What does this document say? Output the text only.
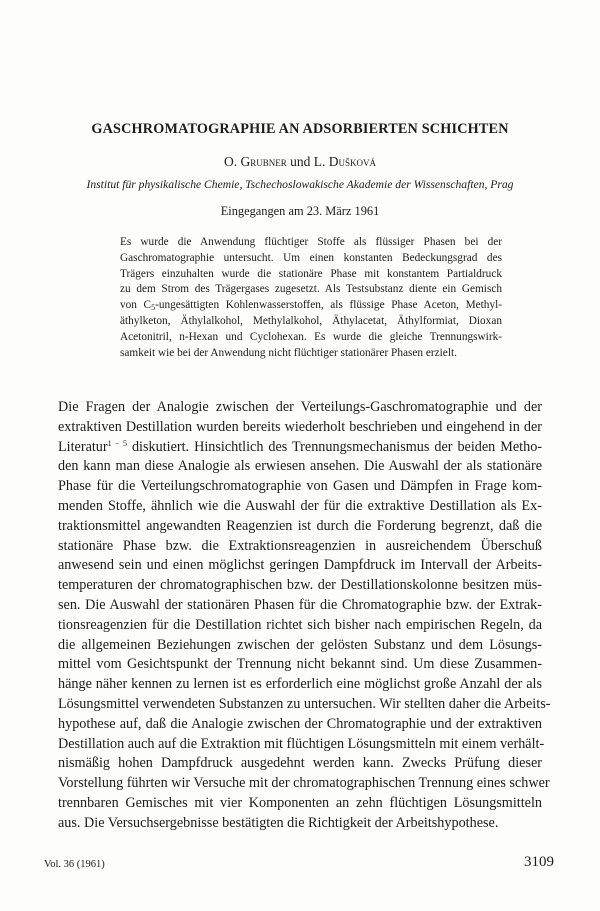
GASCHROMATOGRAPHIE AN ADSORBIERTEN SCHICHTEN
O. Grubner und L. Dušková
Institut für physikalische Chemie, Tschechoslowakische Akademie der Wissenschaften, Prag
Eingegangen am 23. März 1961
Es wurde die Anwendung flüchtiger Stoffe als flüssiger Phasen bei der
Gaschromatographie untersucht. Um einen konstanten Bedeckungsgrad des
Trägers einzuhalten wurde die stationäre Phase mit konstantem Partialdruck
zu dem Strom des Trägergases zugesetzt. Als Testsubstanz diente ein Gemisch
von $C_5$-ungesättigten Kohlenwasserstoffen, als flüssige Phase Aceton, Methyl-
äthylketon, Äthylalkohol, Methylalkohol, Äthylacetat, Äthylformiat, Dioxan
Acetonitril, n-Hexan und Cyclohexan. Es wurde die gleiche Trennungswirk-
samkeit wie bei der Anwendung nicht flüchtiger stationärer Phasen erzielt.
Die Fragen der Analogie zwischen der Verteilungs-Gaschromatographie und der
extraktiven Destillation wurden bereits wiederholt beschrieben und eingehend in der
Literatur$^{1 - 5}$ diskutiert. Hinsichtlich des Trennungsmechanismus der beiden Metho-
den kann man diese Analogie als erwiesen ansehen. Die Auswahl der als stationäre
Phase für die Verteilungschromatographie von Gasen und Dämpfen in Frage kom-
menden Stoffe, ähnlich wie die Auswahl der für die extraktive Destillation als Ex-
traktionsmittel angewandten Reagenzien ist durch die Forderung begrenzt, daß die
stationäre Phase bzw. die Extraktionsreagenzien in ausreichendem Überschuß
anwesend sein und einen möglichst geringen Dampfdruck im Intervall der Arbeits-
temperaturen der chromatographischen bzw. der Destillationskolonne besitzen müs-
sen. Die Auswahl der stationären Phasen für die Chromatographie bzw. der Extrak-
tionsreagenzien für die Destillation richtet sich bisher nach empirischen Regeln, da
die allgemeinen Beziehungen zwischen der gelösten Substanz und dem Lösungs-
mittel vom Gesichtspunkt der Trennung nicht bekannt sind. Um diese Zusammen-
hänge näher kennen zu lernen ist es erforderlich eine möglichst große Anzahl der als
Lösungsmittel verwendeten Substanzen zu untersuchen. Wir stellten daher die Arbeits-
hypothese auf, daß die Analogie zwischen der Chromatographie und der extraktiven
Destillation auch auf die Extraktion mit flüchtigen Lösungsmitteln mit einem verhält-
nismäßig hohen Dampfdruck ausgedehnt werden kann. Zwecks Prüfung dieser
Vorstellung führten wir Versuche mit der chromatographischen Trennung eines schwer
trennbaren Gemisches mit vier Komponenten an zehn flüchtigen Lösungsmitteln
aus. Die Versuchsergebnisse bestätigten die Richtigkeit der Arbeitshypothese.
Vol. 36 (1961)	3109
